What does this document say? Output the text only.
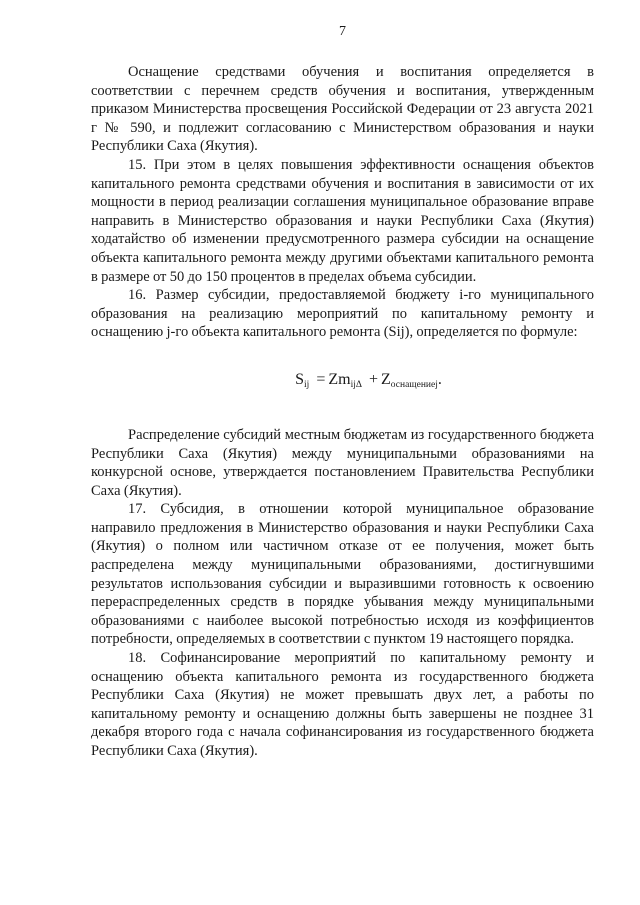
7

Оснащение средствами обучения и воспитания определяется в соответствии с перечнем средств обучения и воспитания, утвержденным приказом Министерства просвещения Российской Федерации от 23 августа 2021 г № 590, и подлежит согласованию с Министерством образования и науки Республики Саха (Якутия).

15. При этом в целях повышения эффективности оснащения объектов капитального ремонта средствами обучения и воспитания в зависимости от их мощности в период реализации соглашения муниципальное образование вправе направить в Министерство образования и науки Республики Саха (Якутия) ходатайство об изменении предусмотренного размера субсидии на оснащение объекта капитального ремонта между другими объектами капитального ремонта в размере от 50 до 150 процентов в пределах объема субсидии.

16. Размер субсидии, предоставляемой бюджету i-го муниципального образования на реализацию мероприятий по капитальному ремонту и оснащению j-го объекта капитального ремонта (Sij), определяется по формуле:

$S_{ij} = Zm_{ij\Delta} + Z_{оснащениеj}$.

Распределение субсидий местным бюджетам из государственного бюджета Республики Саха (Якутия) между муниципальными образованиями на конкурсной основе, утверждается постановлением Правительства Республики Саха (Якутия).

17. Субсидия, в отношении которой муниципальное образование направило предложения в Министерство образования и науки Республики Саха (Якутия) о полном или частичном отказе от ее получения, может быть распределена между муниципальными образованиями, достигнувшими результатов использования субсидии и выразившими готовность к освоению перераспределенных средств в порядке убывания между муниципальными образованиями с наиболее высокой потребностью исходя из коэффициентов потребности, определяемых в соответствии с пунктом 19 настоящего порядка.

18. Софинансирование мероприятий по капитальному ремонту и оснащению объекта капитального ремонта из государственного бюджета Республики Саха (Якутия) не может превышать двух лет, а работы по капитальному ремонту и оснащению должны быть завершены не позднее 31 декабря второго года с начала софинансирования из государственного бюджета Республики Саха (Якутия).
